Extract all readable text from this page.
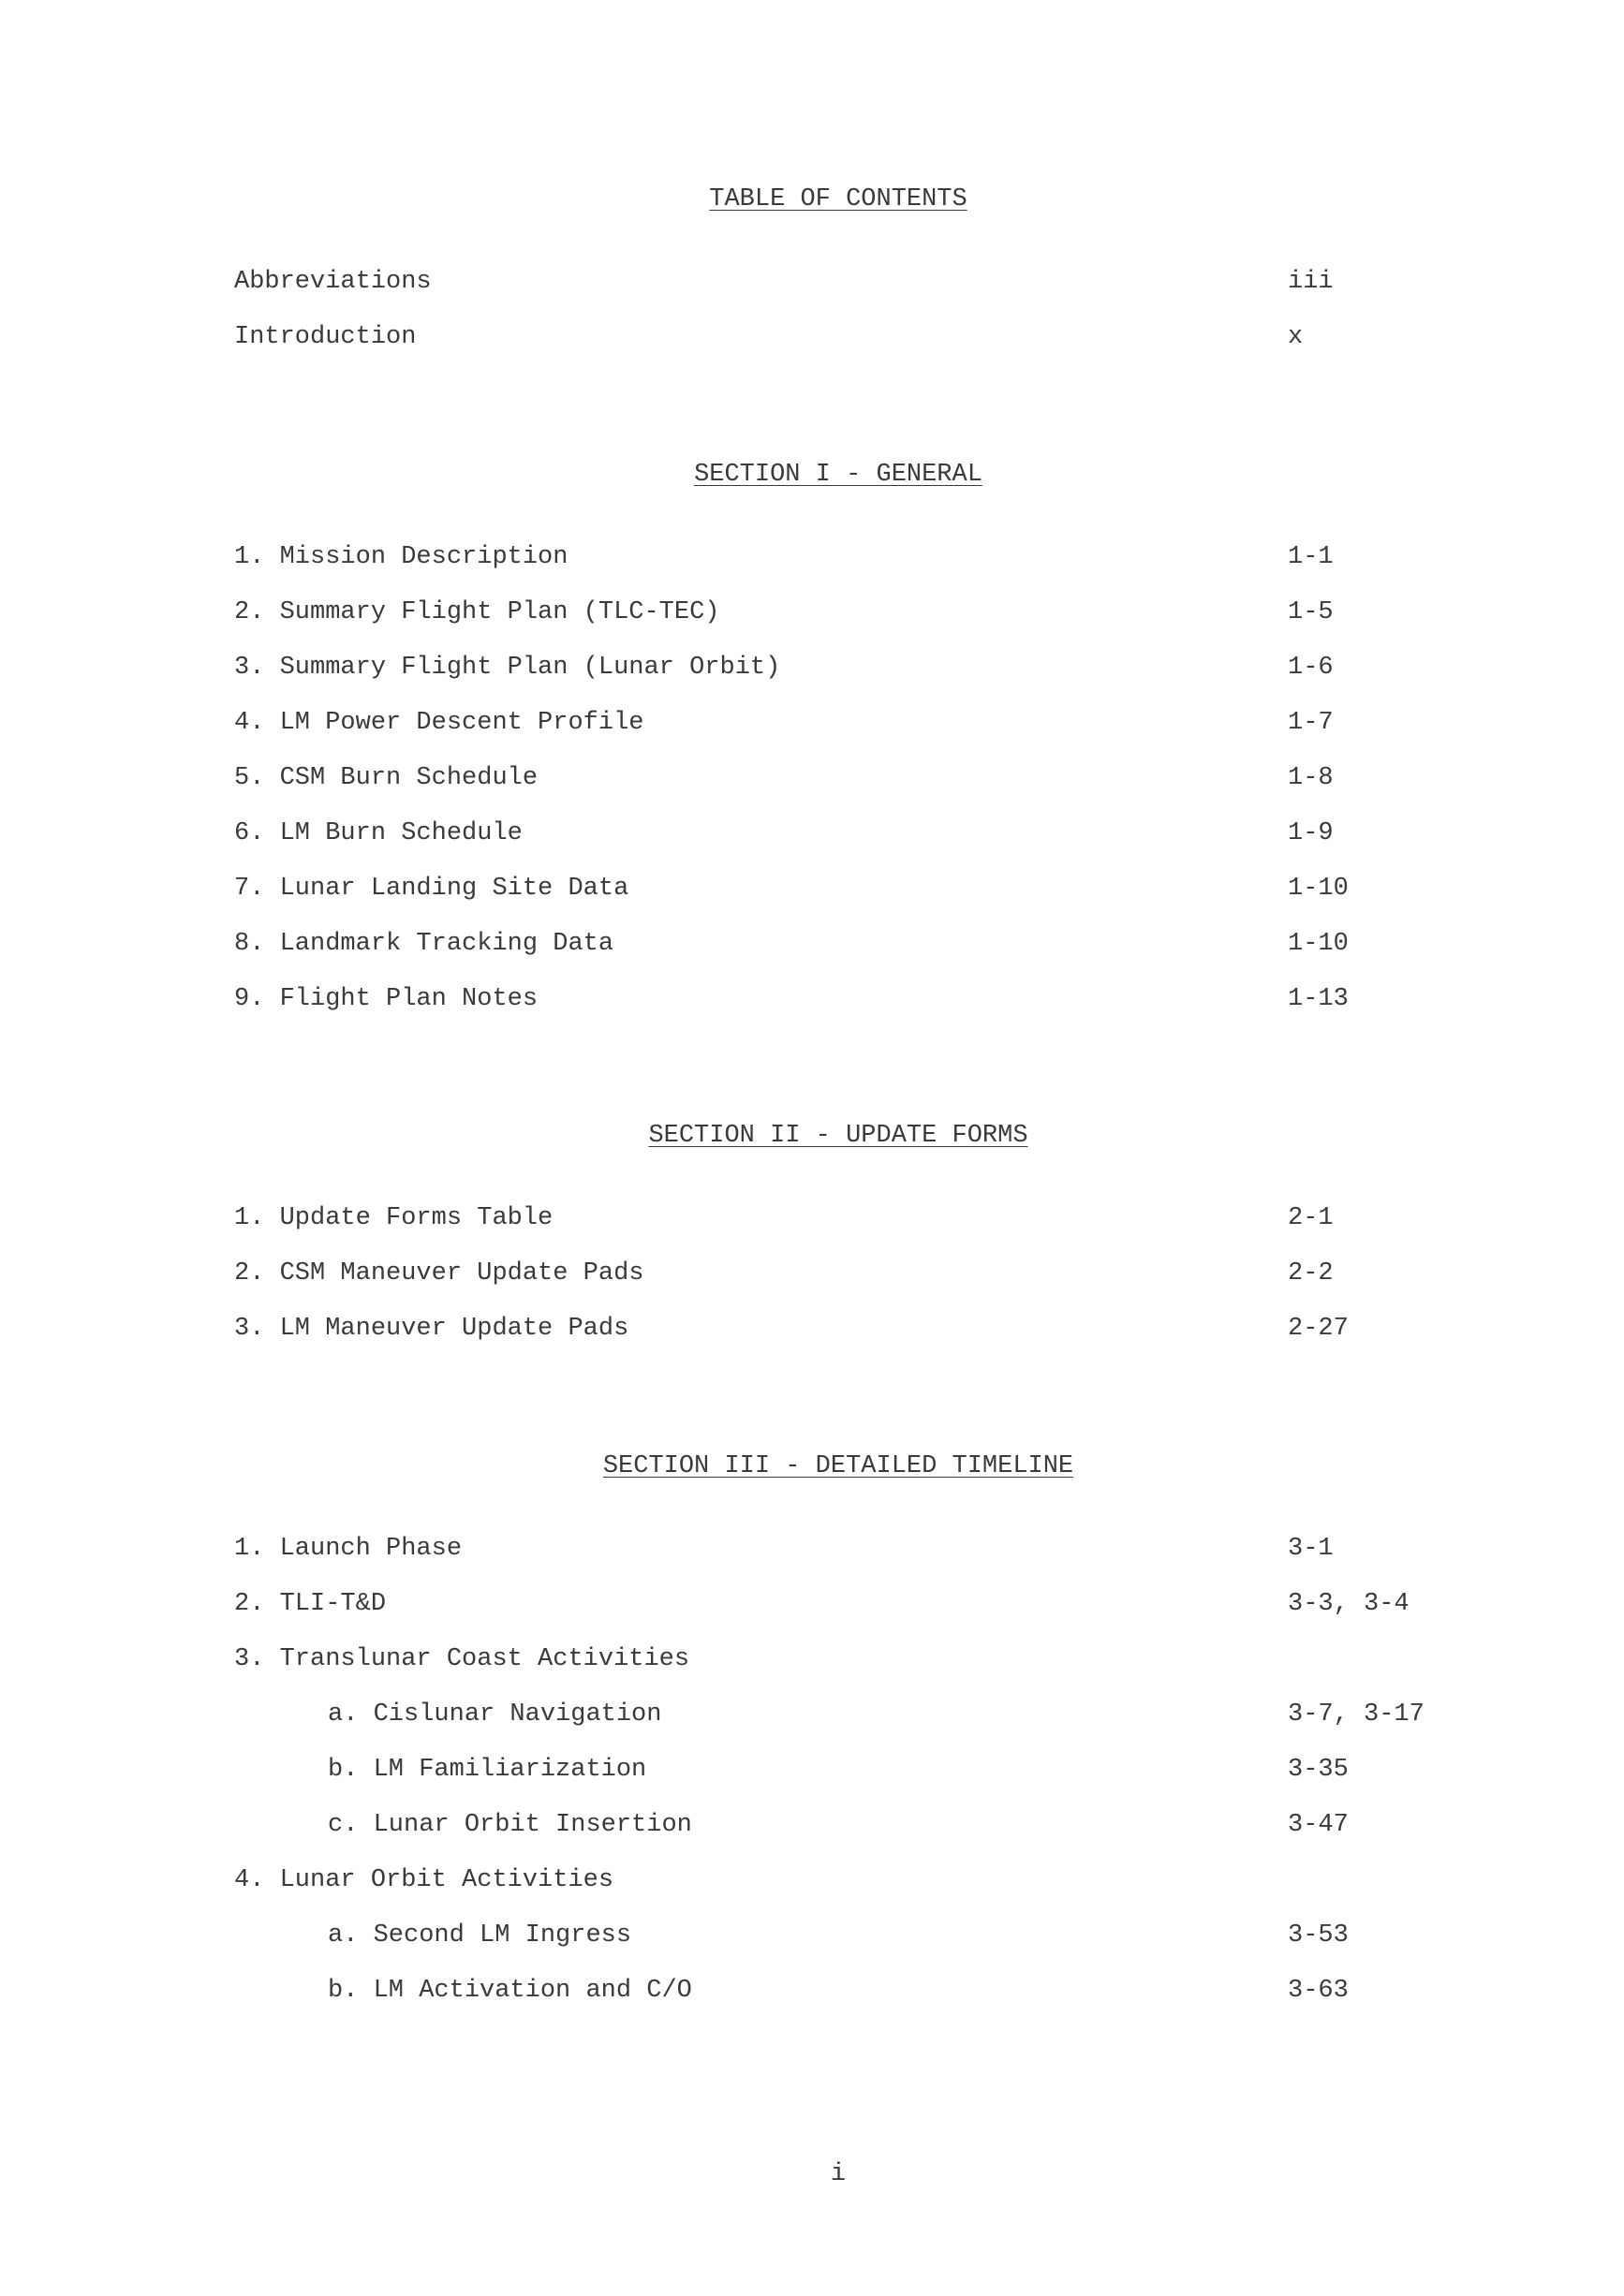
TABLE OF CONTENTS
Abbreviations	iii
Introduction	x
SECTION I - GENERAL
1. Mission Description	1-1
2. Summary Flight Plan (TLC-TEC)	1-5
3. Summary Flight Plan (Lunar Orbit)	1-6
4. LM Power Descent Profile	1-7
5. CSM Burn Schedule	1-8
6. LM Burn Schedule	1-9
7. Lunar Landing Site Data	1-10
8. Landmark Tracking Data	1-10
9. Flight Plan Notes	1-13
SECTION II - UPDATE FORMS
1. Update Forms Table	2-1
2. CSM Maneuver Update Pads	2-2
3. LM Maneuver Update Pads	2-27
SECTION III - DETAILED TIMELINE
1. Launch Phase	3-1
2. TLI-T&D	3-3, 3-4
3. Translunar Coast Activities
a. Cislunar Navigation	3-7, 3-17
b. LM Familiarization	3-35
c. Lunar Orbit Insertion	3-47
4. Lunar Orbit Activities
a. Second LM Ingress	3-53
b. LM Activation and C/O	3-63
i
